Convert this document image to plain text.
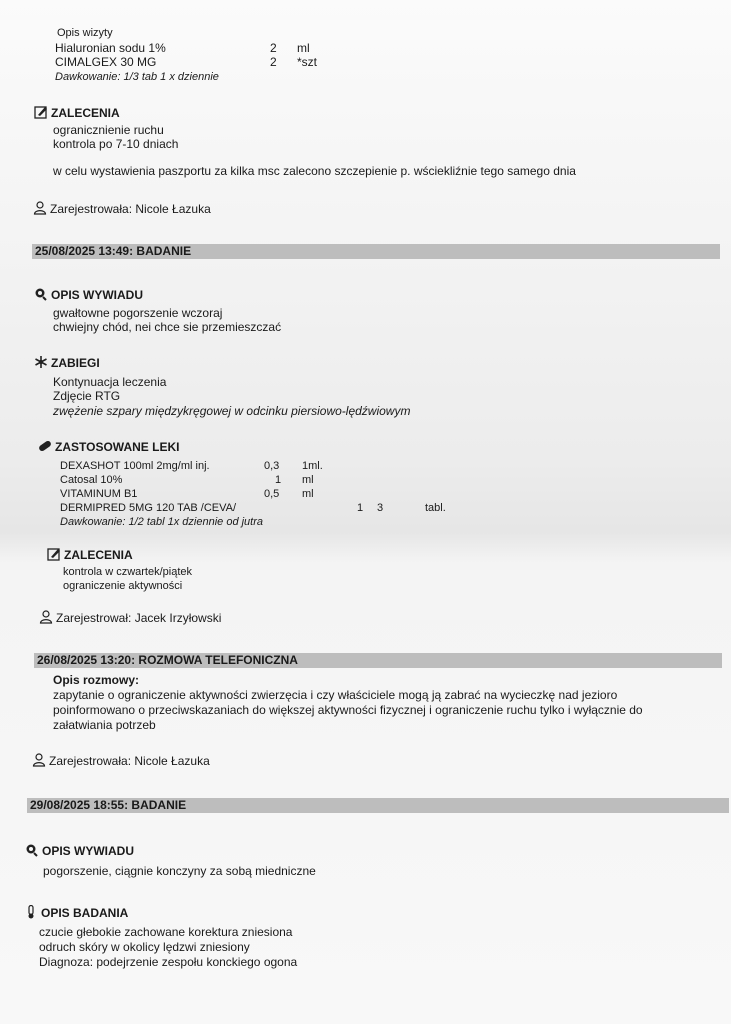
Opis wizyty
Hialuronian sodu 1%	2 ml
CIMALGEX 30 MG	2 *szt
Dawkowanie: 1/3 tab 1 x dziennie
ZALECENIA
ogranicznienie ruchu
kontrola po 7-10 dniach
w celu wystawienia paszportu za kilka msc zalecono szczepienie p. wściekliźnie tego samego dnia
Zarejestrowała: Nicole Łazuka
25/08/2025 13:49: BADANIE
OPIS WYWIADU
gwałtowne pogorszenie wczoraj
chwiejny chód, nei chce sie przemieszczać
ZABIEGI
Kontynuacja leczenia
Zdjęcie RTG
zwężenie szpary międzykręgowej w odcinku piersiowo-lędźwiowym
ZASTOSOWANE LEKI
DEXASHOT 100ml 2mg/ml inj.	0,3 1ml.
Catosal 10%	1 ml
VITAMINUM B1	0,5 ml
DERMIPRED 5MG 120 TAB /CEVA/	1 3	tabl.
Dawkowanie: 1/2 tabl 1x dziennie od jutra
ZALECENIA
kontrola w czwartek/piątek
ograniczenie aktywności
Zarejestrował: Jacek Irzyłowski
26/08/2025 13:20: ROZMOWA TELEFONICZNA
Opis rozmowy:
zapytanie o ograniczenie aktywności zwierzęcia i czy właściciele mogą ją zabrać na wycieczkę nad jezioro
poinformowano o przeciwskazaniach do większej aktywności fizycznej i ograniczenie ruchu tylko i wyłącznie do
załatwiania potrzeb
Zarejestrowała: Nicole Łazuka
29/08/2025 18:55: BADANIE
OPIS WYWIADU
pogorszenie, ciągnie konczyny za sobą miedniczne
OPIS BADANIA
czucie głebokie zachowane korektura zniesiona
odruch skóry w okolicy lędzwi zniesiony
Diagnoza: podejrzenie zespołu konckiego ogona
